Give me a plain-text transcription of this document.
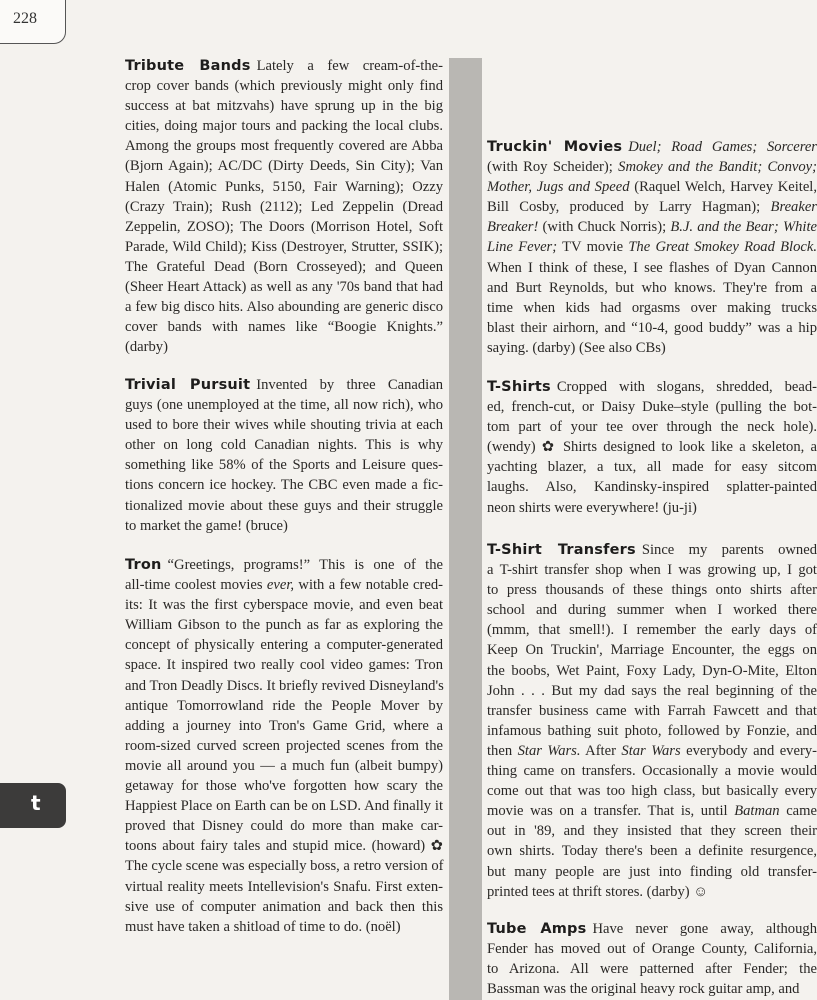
228
t
Tribute Bands Lately a few cream-of-the-
crop cover bands (which previously might only find
success at bat mitzvahs) have sprung up in the big
cities, doing major tours and packing the local clubs.
Among the groups most frequently covered are Abba
(Bjorn Again); AC/DC (Dirty Deeds, Sin City); Van
Halen (Atomic Punks, 5150, Fair Warning); Ozzy
(Crazy Train); Rush (2112); Led Zeppelin (Dread
Zeppelin, ZOSO); The Doors (Morrison Hotel, Soft
Parade, Wild Child); Kiss (Destroyer, Strutter, SSIK);
The Grateful Dead (Born Crosseyed); and Queen
(Sheer Heart Attack) as well as any '70s band that had
a few big disco hits. Also abounding are generic disco
cover bands with names like “Boogie Knights.”
(darby)
Trivial Pursuit Invented by three Canadian
guys (one unemployed at the time, all now rich), who
used to bore their wives while shouting trivia at each
other on long cold Canadian nights. This is why
something like 58% of the Sports and Leisure ques-
tions concern ice hockey. The CBC even made a fic-
tionalized movie about these guys and their struggle
to market the game! (bruce)
Tron “Greetings, programs!” This is one of the
all-time coolest movies ever, with a few notable cred-
its: It was the first cyberspace movie, and even beat
William Gibson to the punch as far as exploring the
concept of physically entering a computer-generated
space. It inspired two really cool video games: Tron
and Tron Deadly Discs. It briefly revived Disneyland's
antique Tomorrowland ride the People Mover by
adding a journey into Tron's Game Grid, where a
room-sized curved screen projected scenes from the
movie all around you — a much fun (albeit bumpy)
getaway for those who've forgotten how scary the
Happiest Place on Earth can be on LSD. And finally it
proved that Disney could do more than make car-
toons about fairy tales and stupid mice. (howard) ✿
The cycle scene was especially boss, a retro version of
virtual reality meets Intellevision's Snafu. First exten-
sive use of computer animation and back then this
must have taken a shitload of time to do. (noël)
Truckin' Movies Duel; Road Games; Sorcerer
(with Roy Scheider); Smokey and the Bandit; Convoy;
Mother, Jugs and Speed (Raquel Welch, Harvey Keitel,
Bill Cosby, produced by Larry Hagman); Breaker
Breaker! (with Chuck Norris); B.J. and the Bear; White
Line Fever; TV movie The Great Smokey Road Block.
When I think of these, I see flashes of Dyan Cannon
and Burt Reynolds, but who knows. They're from a
time when kids had orgasms over making trucks
blast their airhorn, and “10-4, good buddy” was a hip
saying. (darby) (See also CBs)
T-Shirts Cropped with slogans, shredded, bead-
ed, french-cut, or Daisy Duke–style (pulling the bot-
tom part of your tee over through the neck hole).
(wendy) ✿ Shirts designed to look like a skeleton, a
yachting blazer, a tux, all made for easy sitcom
laughs. Also, Kandinsky-inspired splatter-painted
neon shirts were everywhere! (ju-ji)
T-Shirt Transfers Since my parents owned
a T-shirt transfer shop when I was growing up, I got
to press thousands of these things onto shirts after
school and during summer when I worked there
(mmm, that smell!). I remember the early days of
Keep On Truckin', Marriage Encounter, the eggs on
the boobs, Wet Paint, Foxy Lady, Dyn-O-Mite, Elton
John . . . But my dad says the real beginning of the
transfer business came with Farrah Fawcett and that
infamous bathing suit photo, followed by Fonzie, and
then Star Wars. After Star Wars everybody and every-
thing came on transfers. Occasionally a movie would
come out that was too high class, but basically every
movie was on a transfer. That is, until Batman came
out in '89, and they insisted that they screen their
own shirts. Today there's been a definite resurgence,
but many people are just into finding old transfer-
printed tees at thrift stores. (darby) ☺
Tube Amps Have never gone away, although
Fender has moved out of Orange County, California,
to Arizona. All were patterned after Fender; the
Bassman was the original heavy rock guitar amp, and
